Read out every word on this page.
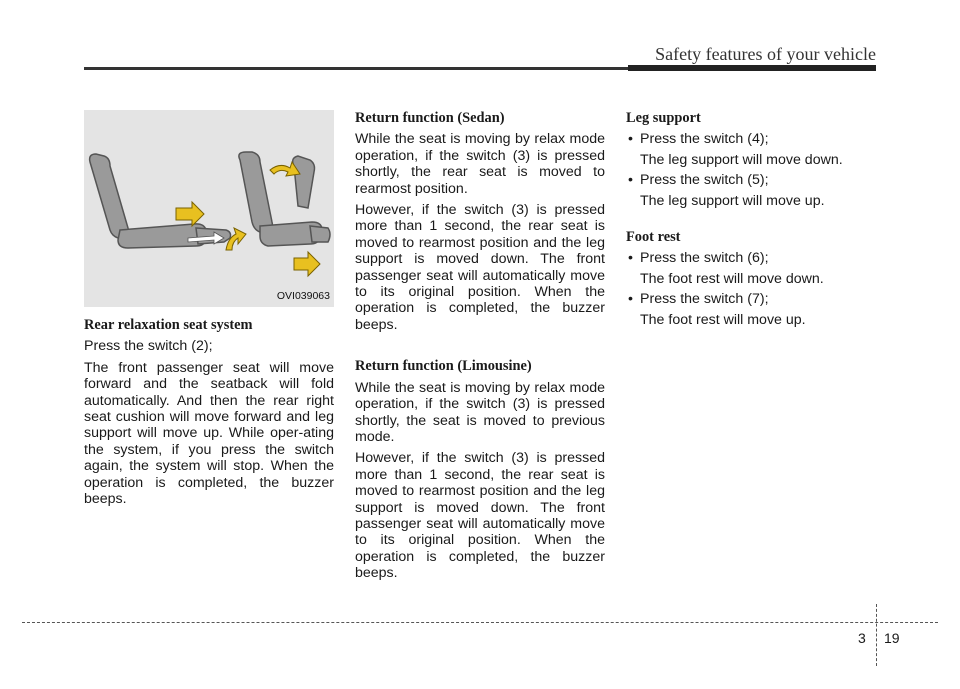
Safety features of your vehicle
OVI039063
Rear relaxation seat system
Press the switch (2);
The front passenger seat will move forward and the seatback will fold automatically. And then the rear right seat cushion will move forward and leg support will move up. While oper-ating the system, if you press the switch again, the system will stop. When the operation is completed, the buzzer beeps.
Return function (Sedan)
While the seat is moving by relax mode operation, if the switch (3) is pressed shortly, the rear seat is moved to rearmost position.
However, if the switch (3) is pressed more than 1 second, the rear seat is moved to rearmost position and the leg support is moved down. The front passenger seat will automatically move to its original position. When the operation is completed, the buzzer beeps.
Return function (Limousine)
While the seat is moving by relax mode operation, if the switch (3) is pressed shortly, the seat is moved to previous mode.
However, if the switch (3) is pressed more than 1 second, the rear seat is moved to rearmost position and the leg support is moved down. The front passenger seat will automatically move to its original position. When the operation is completed, the buzzer beeps.
Leg support
• Press the switch (4);
The leg support will move down.
• Press the switch (5);
The leg support will move up.
Foot rest
• Press the switch (6);
The foot rest will move down.
• Press the switch (7);
The foot rest will move up.
3 19
